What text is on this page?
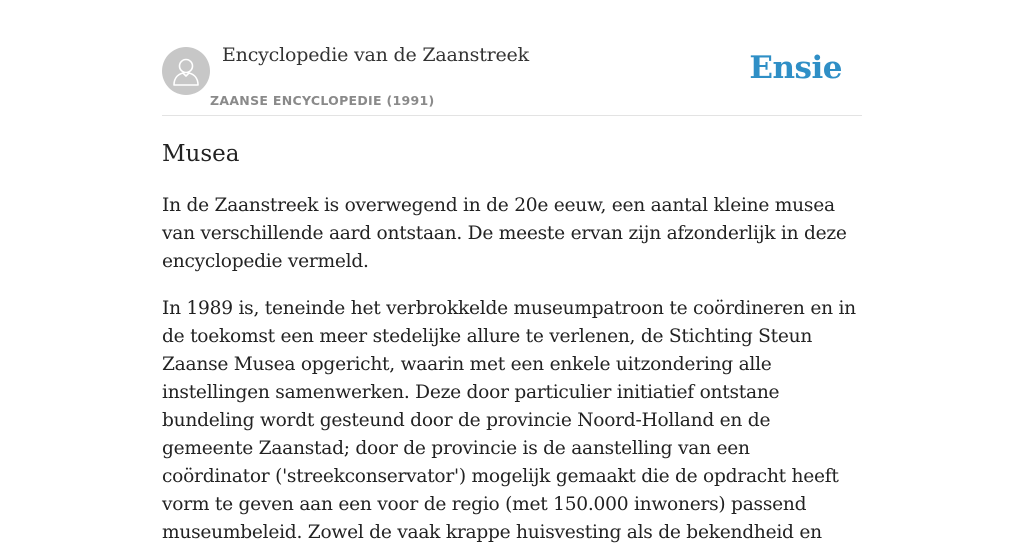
Encyclopedie van de Zaanstreek
ZAANSE ENCYCLOPEDIE (1991)
Ensie
Musea

In de Zaanstreek is overwegend in de 20e eeuw, een aantal kleine musea van verschillende aard ontstaan. De meeste ervan zijn afzonderlijk in deze encyclopedie vermeld.

In 1989 is, teneinde het verbrokkelde museumpatroon te coördineren en in de toekomst een meer stedelijke allure te verlenen, de Stichting Steun Zaanse Musea opgericht, waarin met een enkele uitzondering alle instellingen samenwerken. Deze door particulier initiatief ontstane bundeling wordt gesteund door de provincie Noord-Holland en de gemeente Zaanstad; door de provincie is de aanstelling van een coördinator ('streekconservator') mogelijk gemaakt die de opdracht heeft vorm te geven aan een voor de regio (met 150.000 inwoners) passend museumbeleid. Zowel de vaak krappe huisvesting als de bekendheid en
